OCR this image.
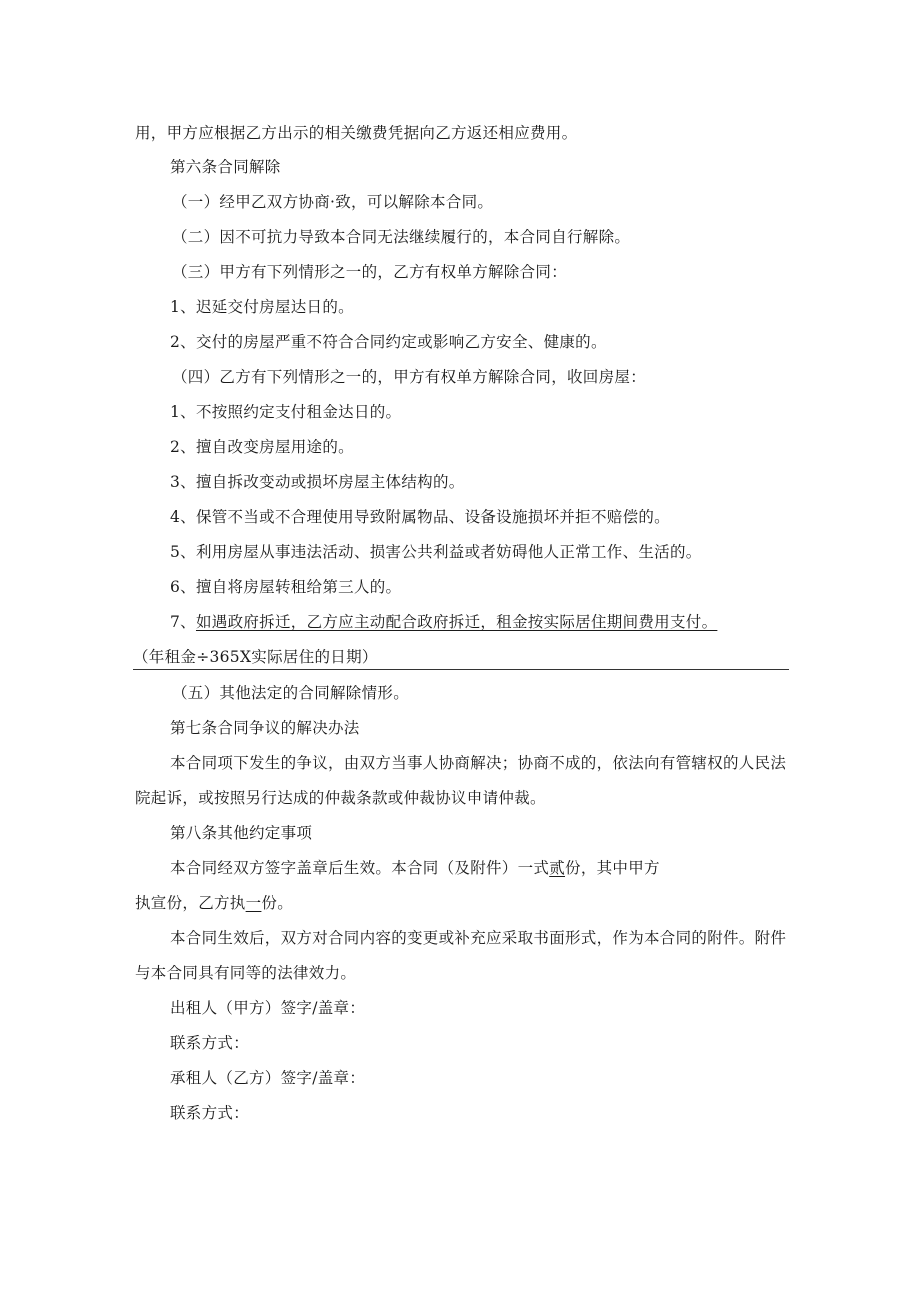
用，甲方应根据乙方出示的相关缴费凭据向乙方返还相应费用。
第六条合同解除
（一）经甲乙双方协商·致，可以解除本合同。
（二）因不可抗力导致本合同无法继续履行的，本合同自行解除。
（三）甲方有下列情形之一的，乙方有权单方解除合同：
1、迟延交付房屋达日的。
2、交付的房屋严重不符合合同约定或影响乙方安全、健康的。
（四）乙方有下列情形之一的，甲方有权单方解除合同，收回房屋：
1、不按照约定支付租金达日的。
2、擅自改变房屋用途的。
3、擅自拆改变动或损坏房屋主体结构的。
4、保管不当或不合理使用导致附属物品、设备设施损坏并拒不赔偿的。
5、利用房屋从事违法活动、损害公共利益或者妨碍他人正常工作、生活的。
6、擅自将房屋转租给第三人的。
7、如遇政府拆迁，乙方应主动配合政府拆迁，租金按实际居住期间费用支付。
（年租金÷365X实际居住的日期）
（五）其他法定的合同解除情形。
第七条合同争议的解决办法
本合同项下发生的争议，由双方当事人协商解决；协商不成的，依法向有管辖权的人民法
院起诉，或按照另行达成的仲裁条款或仲裁协议申请仲裁。
第八条其他约定事项
本合同经双方签字盖章后生效。本合同（及附件）一式贰份，其中甲方
执宣份，乙方执一份。
本合同生效后，双方对合同内容的变更或补充应采取书面形式，作为本合同的附件。附件
与本合同具有同等的法律效力。
出租人（甲方）签字/盖章：
联系方式：
承租人（乙方）签字/盖章：
联系方式：
